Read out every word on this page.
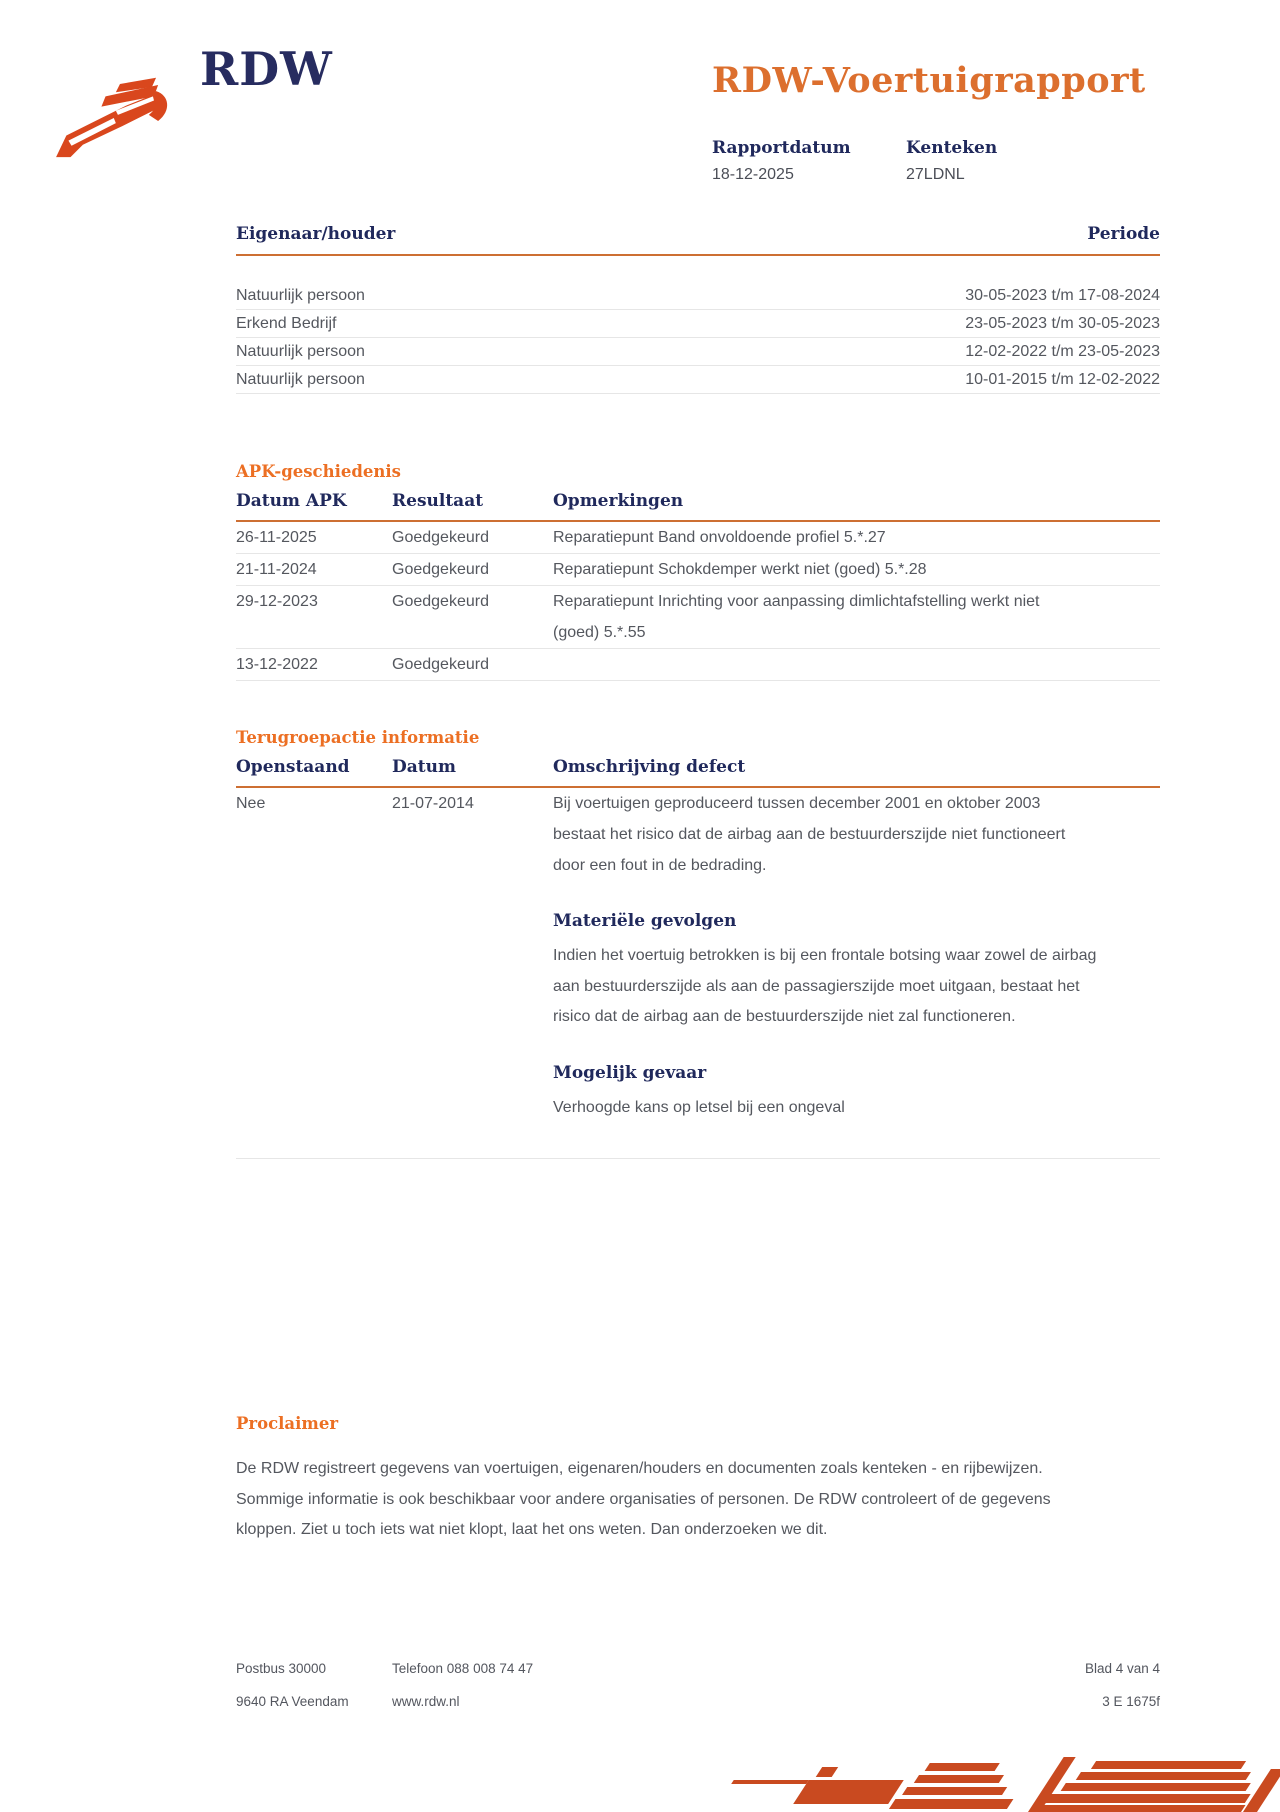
RDW	RDW-Voertuigrapport
Rapportdatum
18-12-2025
Kenteken
27LDNL
Eigenaar/houder	Periode
Natuurlijk persoon	30-05-2023 t/m 17-08-2024
Erkend Bedrijf	23-05-2023 t/m 30-05-2023
Natuurlijk persoon	12-02-2022 t/m 23-05-2023
Natuurlijk persoon	10-01-2015 t/m 12-02-2022
APK-geschiedenis
Datum APK	Resultaat	Opmerkingen
26-11-2025	Goedgekeurd	Reparatiepunt Band onvoldoende profiel 5.*.27
21-11-2024	Goedgekeurd	Reparatiepunt Schokdemper werkt niet (goed) 5.*.28
29-12-2023	Goedgekeurd	Reparatiepunt Inrichting voor aanpassing dimlichtafstelling werkt niet (goed) 5.*.55
13-12-2022	Goedgekeurd
Terugroepactie informatie
Openstaand	Datum	Omschrijving defect
Nee	21-07-2014	Bij voertuigen geproduceerd tussen december 2001 en oktober 2003 bestaat het risico dat de airbag aan de bestuurderszijde niet functioneert door een fout in de bedrading.
Materiële gevolgen
Indien het voertuig betrokken is bij een frontale botsing waar zowel de airbag aan bestuurderszijde als aan de passagierszijde moet uitgaan, bestaat het risico dat de airbag aan de bestuurderszijde niet zal functioneren.
Mogelijk gevaar
Verhoogde kans op letsel bij een ongeval
Proclaimer
De RDW registreert gegevens van voertuigen, eigenaren/houders en documenten zoals kenteken - en rijbewijzen. Sommige informatie is ook beschikbaar voor andere organisaties of personen. De RDW controleert of de gegevens kloppen. Ziet u toch iets wat niet klopt, laat het ons weten. Dan onderzoeken we dit.
Postbus 30000	Telefoon 088 008 74 47	Blad 4 van 4
9640 RA Veendam	www.rdw.nl	3 E 1675f
